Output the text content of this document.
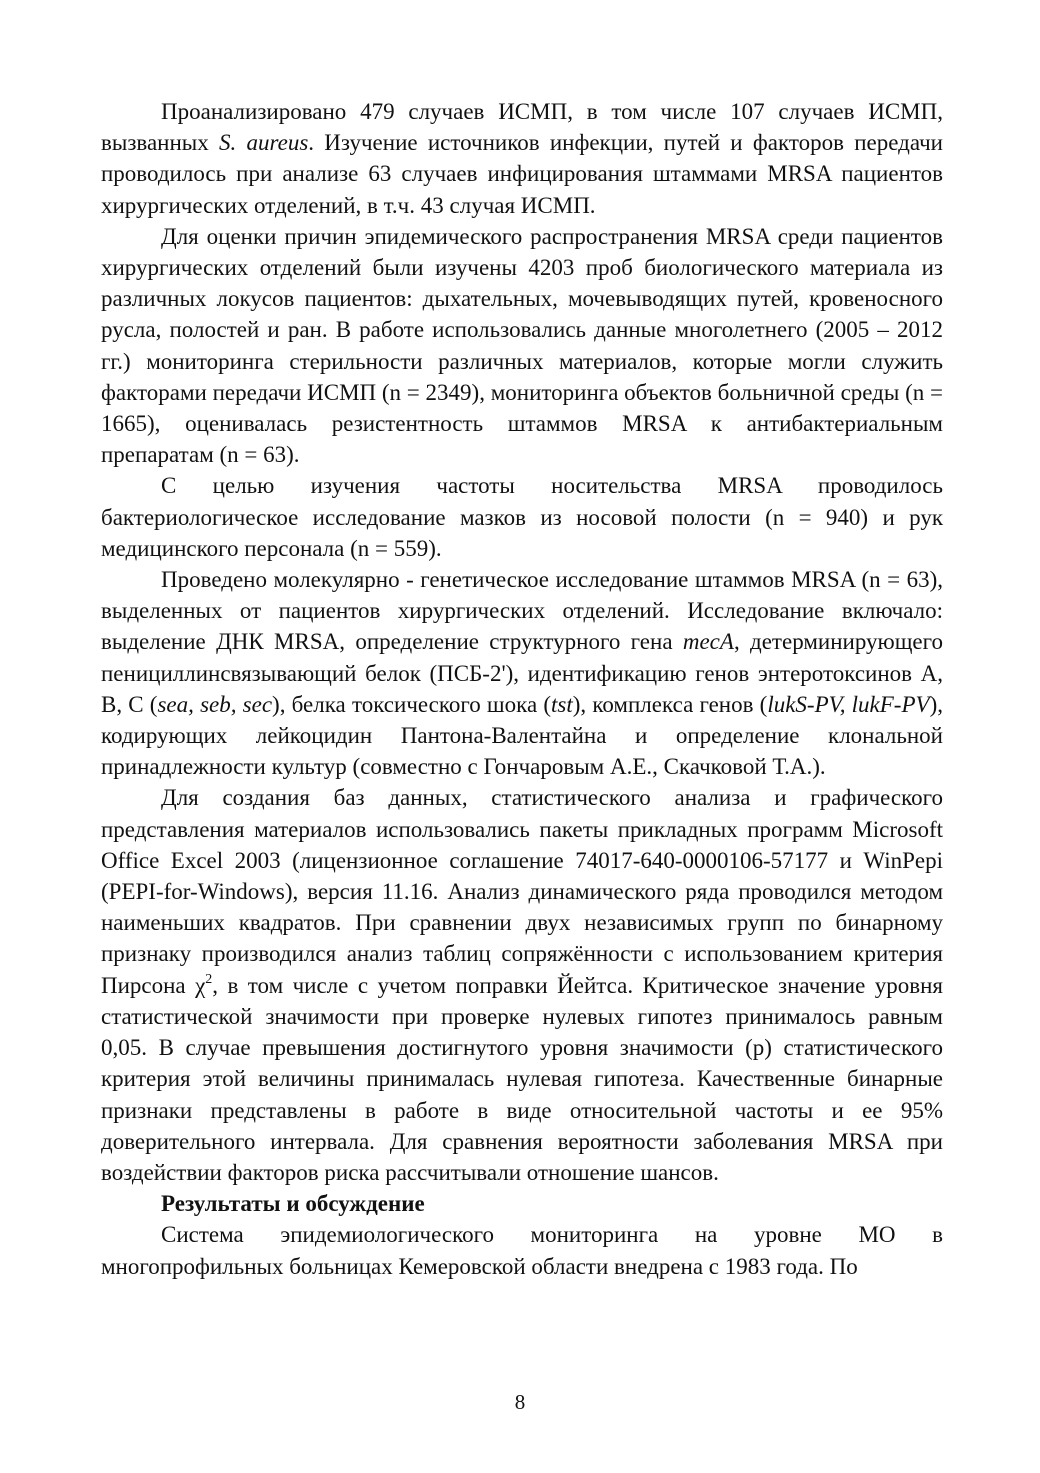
Проанализировано 479 случаев ИСМП, в том числе 107 случаев ИСМП, вызванных S. aureus. Изучение источников инфекции, путей и факторов передачи проводилось при анализе 63 случаев инфицирования штаммами MRSA пациентов хирургических отделений, в т.ч. 43 случая ИСМП.

Для оценки причин эпидемического распространения MRSA среди пациентов хирургических отделений были изучены 4203 проб биологического материала из различных локусов пациентов: дыхательных, мочевыводящих путей, кровеносного русла, полостей и ран. В работе использовались данные многолетнего (2005 – 2012 гг.) мониторинга стерильности различных материалов, которые могли служить факторами передачи ИСМП (n = 2349), мониторинга объектов больничной среды (n = 1665), оценивалась резистентность штаммов MRSA к антибактериальным препаратам (n = 63).

С целью изучения частоты носительства MRSA проводилось бактериологическое исследование мазков из носовой полости (n = 940) и рук медицинского персонала (n = 559).

Проведено молекулярно - генетическое исследование штаммов MRSA (n = 63), выделенных от пациентов хирургических отделений. Исследование включало: выделение ДНК MRSA, определение структурного гена mecA, детерминирующего пенициллинсвязывающий белок (ПСБ-2'), идентификацию генов энтеротоксинов А, В, С (sea, seb, sec), белка токсического шока (tst), комплекса генов (lukS-PV, lukF-PV), кодирующих лейкоцидин Пантона-Валентайна и определение клональной принадлежности культур (совместно с Гончаровым А.Е., Скачковой Т.А.).

Для создания баз данных, статистического анализа и графического представления материалов использовались пакеты прикладных программ Microsoft Office Excel 2003 (лицензионное соглашение 74017-640-0000106-57177 и WinPepi (PEPI-for-Windows), версия 11.16. Анализ динамического ряда проводился методом наименьших квадратов. При сравнении двух независимых групп по бинарному признаку производился анализ таблиц сопряжённости с использованием критерия Пирсона $\chi^2$, в том числе с учетом поправки Йейтса. Критическое значение уровня статистической значимости при проверке нулевых гипотез принималось равным 0,05. В случае превышения достигнутого уровня значимости (p) статистического критерия этой величины принималась нулевая гипотеза. Качественные бинарные признаки представлены в работе в виде относительной частоты и ее 95% доверительного интервала. Для сравнения вероятности заболевания MRSA при воздействии факторов риска рассчитывали отношение шансов.

Результаты и обсуждение

Система эпидемиологического мониторинга на уровне МО в многопрофильных больницах Кемеровской области внедрена с 1983 года. По

8
